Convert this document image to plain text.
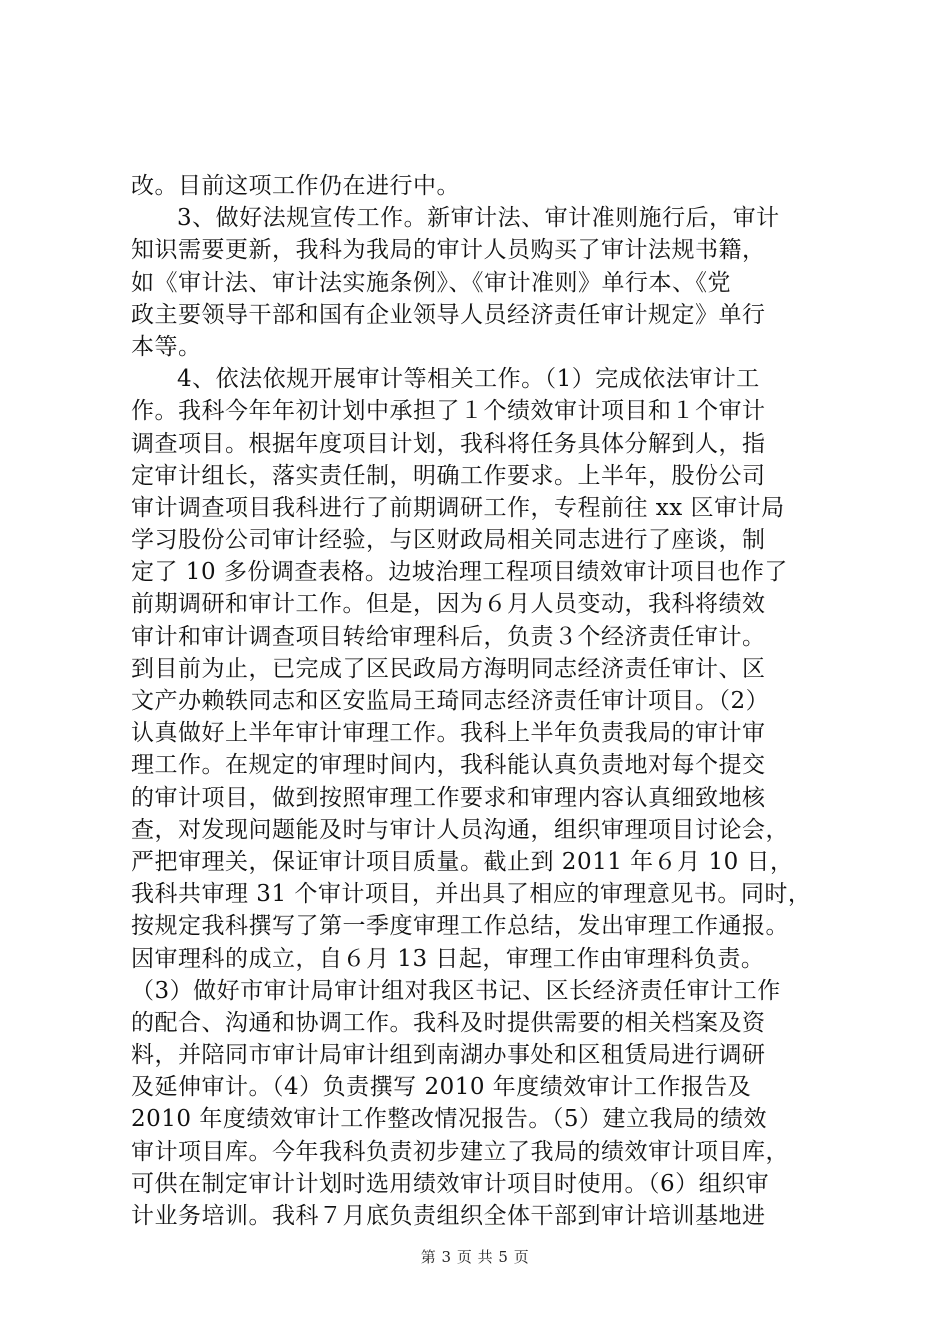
改。目前这项工作仍在进行中。
3、做好法规宣传工作。新审计法、审计准则施行后，审计
知识需要更新，我科为我局的审计人员购买了审计法规书籍，
如《审计法、审计法实施条例》、《审计准则》单行本、《党
政主要领导干部和国有企业领导人员经济责任审计规定》单行
本等。
4、依法依规开展审计等相关工作。（1）完成依法审计工
作。我科今年年初计划中承担了１个绩效审计项目和１个审计
调查项目。根据年度项目计划，我科将任务具体分解到人，指
定审计组长，落实责任制，明确工作要求。上半年，股份公司
审计调查项目我科进行了前期调研工作，专程前往 xx 区审计局
学习股份公司审计经验，与区财政局相关同志进行了座谈，制
定了 10 多份调查表格。边坡治理工程项目绩效审计项目也作了
前期调研和审计工作。但是，因为６月人员变动，我科将绩效
审计和审计调查项目转给审理科后，负责３个经济责任审计。
到目前为止，已完成了区民政局方海明同志经济责任审计、区
文产办赖轶同志和区安监局王琦同志经济责任审计项目。（2）
认真做好上半年审计审理工作。我科上半年负责我局的审计审
理工作。在规定的审理时间内，我科能认真负责地对每个提交
的审计项目，做到按照审理工作要求和审理内容认真细致地核
查，对发现问题能及时与审计人员沟通，组织审理项目讨论会，
严把审理关，保证审计项目质量。截止到 2011 年６月 10 日，
我科共审理 31 个审计项目，并出具了相应的审理意见书。同时，
按规定我科撰写了第一季度审理工作总结，发出审理工作通报。
因审理科的成立，自６月 13 日起，审理工作由审理科负责。
（3）做好市审计局审计组对我区书记、区长经济责任审计工作
的配合、沟通和协调工作。我科及时提供需要的相关档案及资
料，并陪同市审计局审计组到南湖办事处和区租赁局进行调研
及延伸审计。（4）负责撰写 2010 年度绩效审计工作报告及
2010 年度绩效审计工作整改情况报告。（5）建立我局的绩效
审计项目库。今年我科负责初步建立了我局的绩效审计项目库，
可供在制定审计计划时选用绩效审计项目时使用。（6）组织审
计业务培训。我科７月底负责组织全体干部到审计培训基地进
第 3 页 共 5 页
